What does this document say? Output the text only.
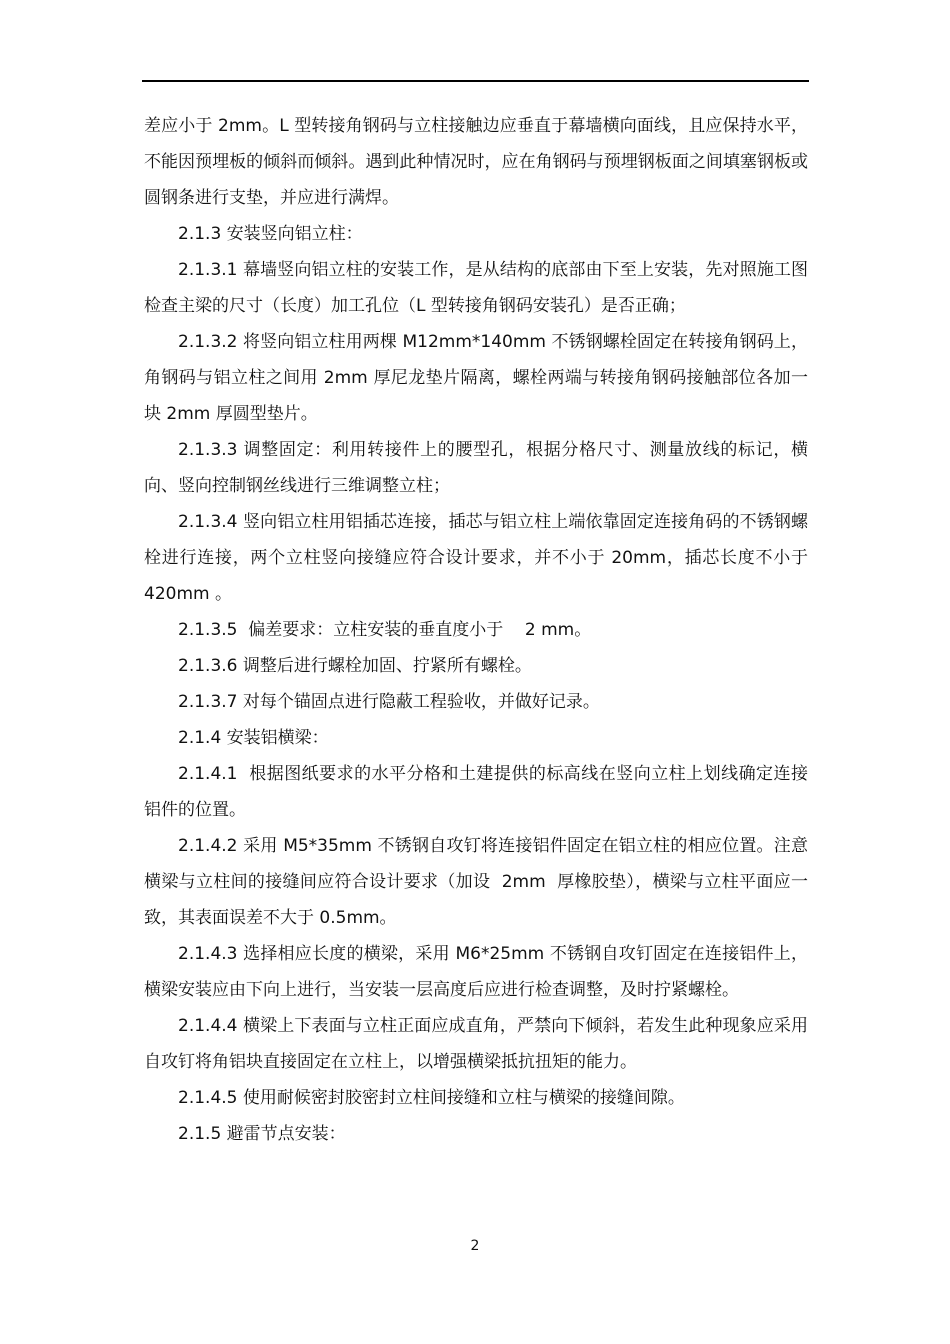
差应小于 2mm。L 型转接角钢码与立柱接触边应垂直于幕墙横向面线，且应保持水平，不能因预埋板的倾斜而倾斜。遇到此种情况时，应在角钢码与预埋钢板面之间填塞钢板或圆钢条进行支垫，并应进行满焊。

2.1.3 安装竖向铝立柱：

2.1.3.1 幕墙竖向铝立柱的安装工作，是从结构的底部由下至上安装，先对照施工图检查主梁的尺寸（长度）加工孔位（L 型转接角钢码安装孔）是否正确；

2.1.3.2 将竖向铝立柱用两棵 M12mm*140mm 不锈钢螺栓固定在转接角钢码上，角钢码与铝立柱之间用 2mm 厚尼龙垫片隔离，螺栓两端与转接角钢码接触部位各加一块 2mm 厚圆型垫片。

2.1.3.3 调整固定：利用转接件上的腰型孔，根据分格尺寸、测量放线的标记，横向、竖向控制钢丝线进行三维调整立柱；

2.1.3.4 竖向铝立柱用铝插芯连接，插芯与铝立柱上端依靠固定连接角码的不锈钢螺栓进行连接，两个立柱竖向接缝应符合设计要求，并不小于 20mm，插芯长度不小于  420mm 。

2.1.3.5  偏差要求：立柱安装的垂直度小于    2 mm。

2.1.3.6 调整后进行螺栓加固、拧紧所有螺栓。

2.1.3.7 对每个锚固点进行隐蔽工程验收，并做好记录。

2.1.4 安装铝横梁：

2.1.4.1  根据图纸要求的水平分格和土建提供的标高线在竖向立柱上划线确定连接铝件的位置。

2.1.4.2 采用 M5*35mm 不锈钢自攻钉将连接铝件固定在铝立柱的相应位置。注意横梁与立柱间的接缝间应符合设计要求（加设  2mm  厚橡胶垫），横梁与立柱平面应一致，其表面误差不大于 0.5mm。

2.1.4.3 选择相应长度的横梁，采用 M6*25mm 不锈钢自攻钉固定在连接铝件上，横梁安装应由下向上进行，当安装一层高度后应进行检查调整，及时拧紧螺栓。

2.1.4.4 横梁上下表面与立柱正面应成直角，严禁向下倾斜，若发生此种现象应采用自攻钉将角铝块直接固定在立柱上，以增强横梁抵抗扭矩的能力。

2.1.4.5 使用耐候密封胶密封立柱间接缝和立柱与横梁的接缝间隙。

2.1.5 避雷节点安装：

2
